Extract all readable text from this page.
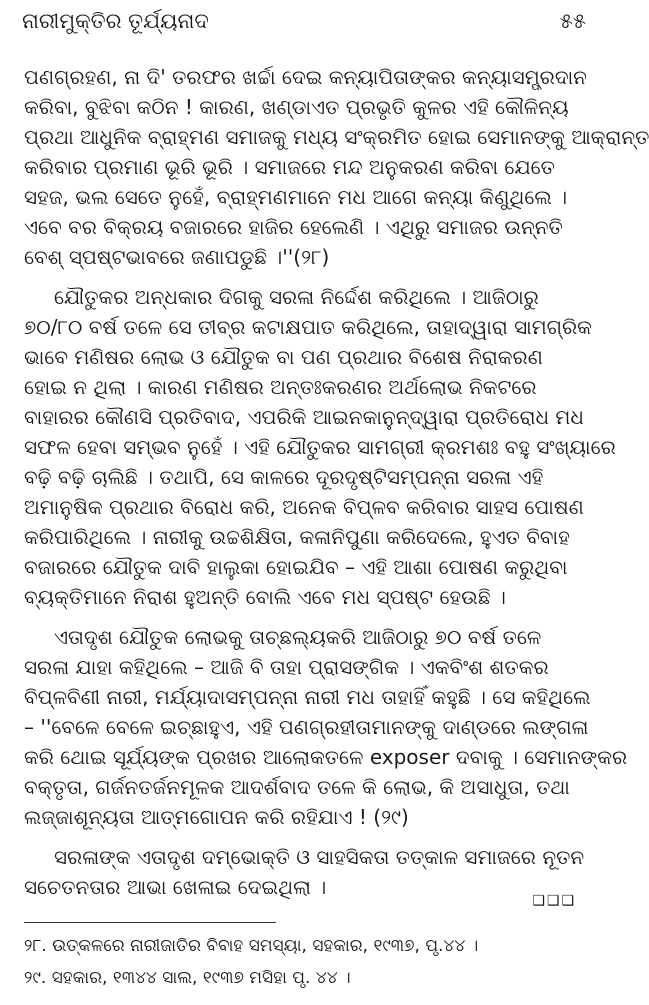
ନାରୀମୁକ୍ତିର ତୂର୍ଯ୍ୟନାଦ	୫୫

ପଣଗ୍ରହଣ, ନା ଦି' ତରଫର ଖର୍ଚ୍ଚା ଦେଇ କନ୍ୟାପିତାଙ୍କର କନ୍ୟାସମ୍ପ୍ରଦାନ
କରିବା, ବୁଝିବା କଠିନ ! କାରଣ, ଖଣ୍ଡାଏତ ପ୍ରଭୃତି କୁଳର ଏହି କୌଳିନ୍ୟ
ପ୍ରଥା ଆଧୁନିକ ବ୍ରାହ୍ମଣ ସମାଜକୁ ମଧ୍ୟ ସଂକ୍ରମିତ ହୋଇ ସେମାନଙ୍କୁ ଆକ୍ରାନ୍ତ
କରିବାର ପ୍ରମାଣ ଭୂରି ଭୂରି । ସମାଜରେ ମନ୍ଦ ଅନୁକରଣ କରିବା ଯେତେ
ସହଜ, ଭଲ ସେତେ ନୁହେଁ, ବ୍ରାହ୍ମଣମାନେ ମଧ ଆଗେ କନ୍ୟା କିଣୁଥିଲେ ।
ଏବେ ବର ବିକ୍ରୟ ବଜାରରେ ହାଜିର ହେଲେଣି । ଏଥିରୁ ସମାଜର ଉନ୍ନତି
ବେଶ୍ ସ୍ପଷ୍ଟଭାବରେ ଜଣାପଡୁଛି ।''(୨୮)

ଯୌତୁକର ଅନ୍ଧକାର ଦିଗକୁ ସରଳା ନିର୍ଦ୍ଦେଶ କରିଥିଲେ । ଆଜିଠାରୁ
୭୦/୮୦ ବର୍ଷ ତଳେ ସେ ତୀବ୍ର କଟାକ୍ଷପାତ କରିଥିଲେ, ତାହାଦ୍ୱାରା ସାମଗ୍ରିକ
ଭାବେ ମଣିଷର ଲୋଭ ଓ ଯୌତୁକ ବା ପଣ ପ୍ରଥାର ବିଶେଷ ନିରାକରଣ
ହୋଇ ନ ଥିଲା । କାରଣ ମଣିଷର ଅନ୍ତଃକରଣର ଅର୍ଥଲୋଭ ନିକଟରେ
ବାହାରର କୌଣସି ପ୍ରତିବାଦ, ଏପରିକି ଆଇନକାନୁନ୍‌ଦ୍ୱାରା ପ୍ରତିରୋଧ ମଧ
ସଫଳ ହେବା ସମ୍ଭବ ନୁହେଁ । ଏହି ଯୌତୁକର ସାମଗ୍ରୀ କ୍ରମଶଃ ବହୁ ସଂଖ୍ୟାରେ
ବଢ଼ି ବଢ଼ି ଚାଲିଛି । ତଥାପି, ସେ କାଳରେ ଦୂରଦୃଷ୍ଟିସମ୍ପନ୍ନା ସରଳା ଏହି
ଅମାନୁଷିକ ପ୍ରଥାର ବିରୋଧ କରି, ଅନେକ ବିପ୍ଳବ କରିବାର ସାହସ ପୋଷଣ
କରିପାରିଥିଲେ । ନାରୀକୁ ଉଚ୍ଚଶିକ୍ଷିତା, କଳାନିପୁଣା କରିଦେଲେ, ହୁଏତ ବିବାହ
ବଜାରରେ ଯୌତୁକ ଦାବି ହାଲୁକା ହୋଇଯିବ – ଏହି ଆଶା ପୋଷଣ କରୁଥିବା
ବ୍ୟକ୍ତିମାନେ ନିରାଶ ହୁଅନ୍ତି ବୋଲି ଏବେ ମଧ ସ୍ପଷ୍ଟ ହେଉଛି ।

ଏତାଦୃଶ ଯୌତୁକ ଲୋଭକୁ ତାଚ୍ଛଲ୍ୟକରି ଆଜିଠାରୁ ୭୦ ବର୍ଷ ତଳେ
ସରଳା ଯାହା କହିଥିଲେ – ଆଜି ବି ତାହା ପ୍ରାସଙ୍ଗିକ । ଏକବିଂଶ ଶତକର
ବିପ୍ଳବିଣୀ ନାରୀ, ମର୍ଯ୍ୟାଦାସମ୍ପନ୍ନା ନାରୀ ମଧ ତାହାହିଁ କହୁଛି । ସେ କହିଥିଲେ
– ''ବେଳେ ବେଳେ ଇଚ୍ଛାହୁଏ, ଏହି ପଣଗ୍ରହୀତାମାନଙ୍କୁ ଦାଣ୍ଡରେ ଲଙ୍ଗଳା
କରି ଥୋଇ ସୂର୍ଯ୍ୟଙ୍କ ପ୍ରଖର ଆଲୋକତଳେ exposer ଦବାକୁ । ସେମାନଙ୍କର
ବକ୍ତୃତା, ଗର୍ଜନତର୍ଜନମୂଳକ ଆଦର୍ଶବାଦ ତଳେ କି ଲୋଭ, କି ଅସାଧୁତା, ତଥା
ଲଜ୍ଜାଶୂନ୍ୟତା ଆତ୍ମଗୋପନ କରି ରହିଯାଏ ! (୨୯)

ସରଳାଙ୍କ ଏତାଦୃଶ ଦମ୍ଭୋକ୍ତି ଓ ସାହସିକତା ତତ୍କାଳ ସମାଜରେ ନୂତନ
ସଚେତନତାର ଆଭା ଖେଳାଇ ଦେଇଥିଲା ।

❑❑❑
୨୮. ଉତ୍କଳରେ ନାରୀଜାତିର ବିବାହ ସମସ୍ୟା, ସହକାର, ୧୯୩୭, ପୃ.୪୪ ।
୨୯. ସହକାର, ୧୩୪୪ ସାଲ, ୧୯୩୭ ମସିହା ପୃ. ୪୪ ।
